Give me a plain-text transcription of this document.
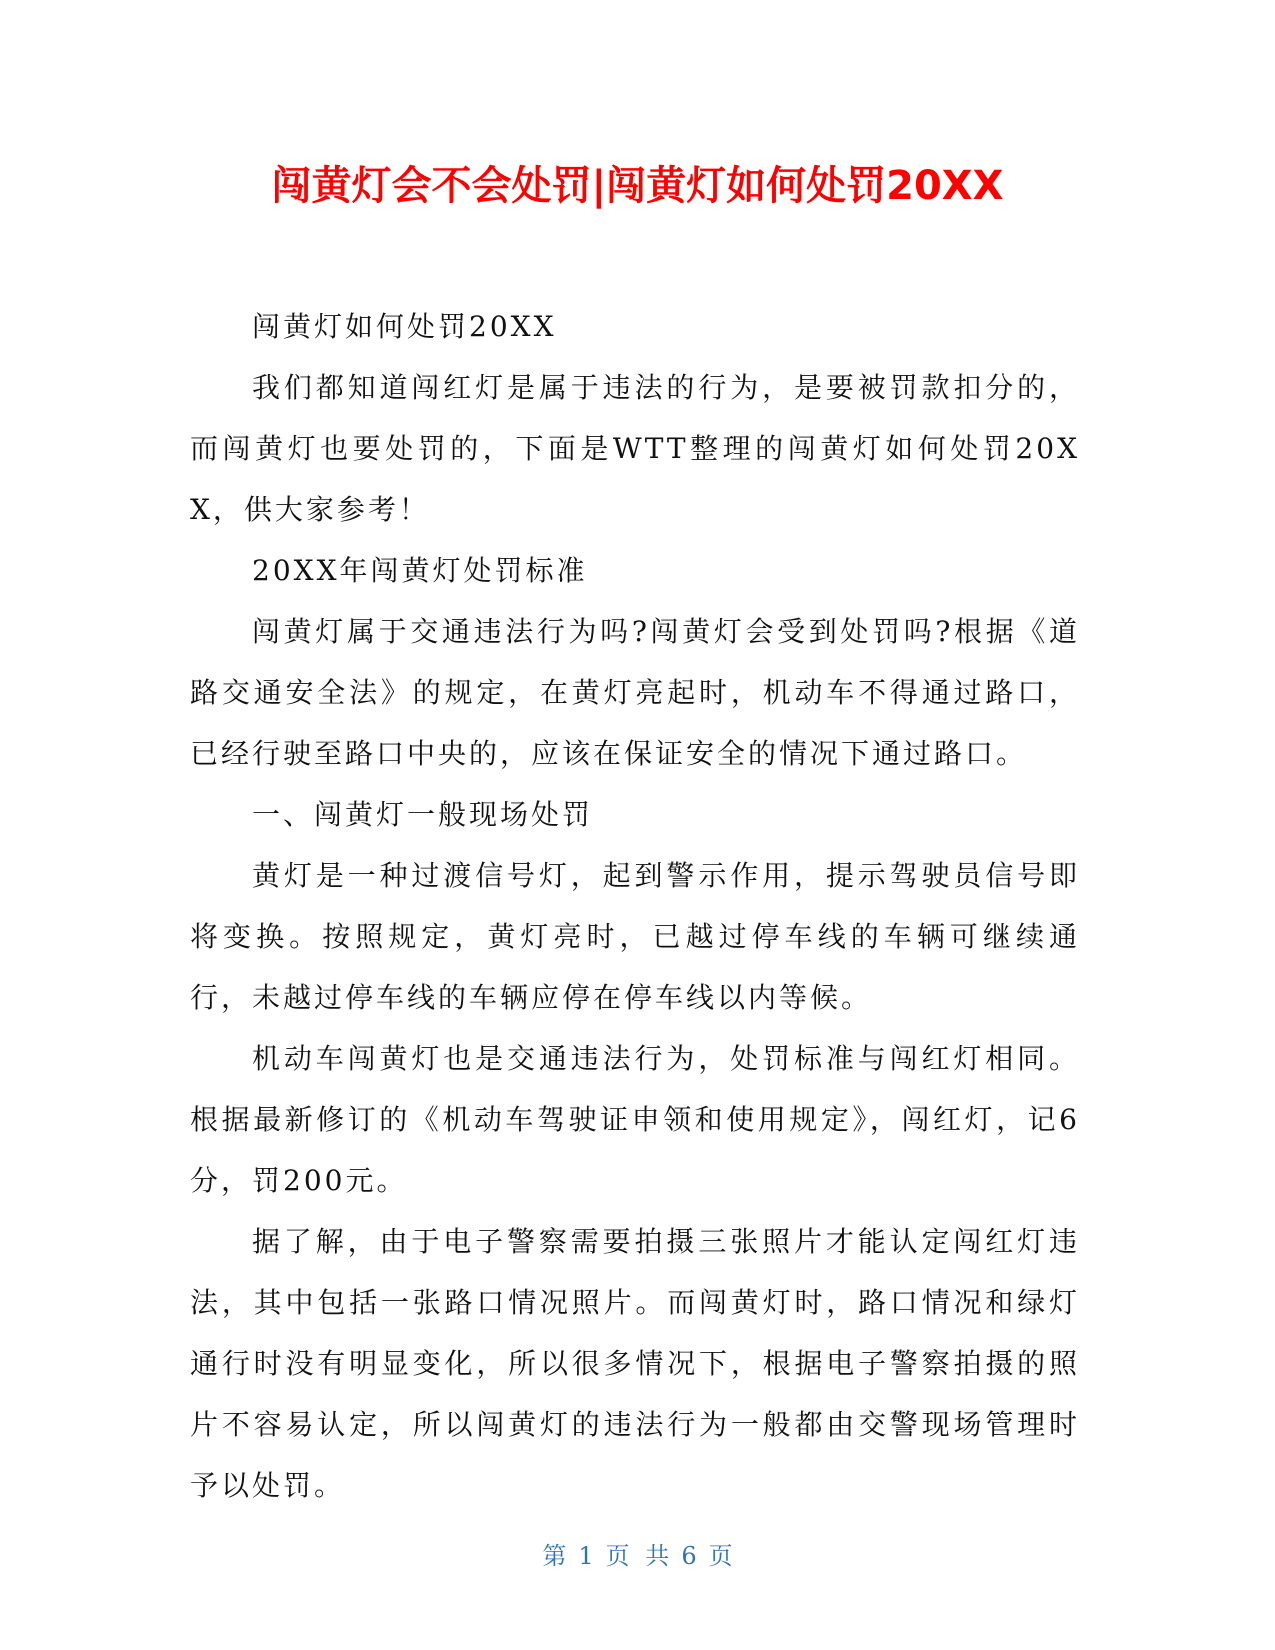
闯黄灯会不会处罚|闯黄灯如何处罚20XX

闯黄灯如何处罚20XX

我们都知道闯红灯是属于违法的行为，是要被罚款扣分的，而闯黄灯也要处罚的，下面是WTT整理的闯黄灯如何处罚20XX，供大家参考！

20XX年闯黄灯处罚标准

闯黄灯属于交通违法行为吗?闯黄灯会受到处罚吗?根据《道路交通安全法》的规定，在黄灯亮起时，机动车不得通过路口，已经行驶至路口中央的，应该在保证安全的情况下通过路口。

一、闯黄灯一般现场处罚

黄灯是一种过渡信号灯，起到警示作用，提示驾驶员信号即将变换。按照规定，黄灯亮时，已越过停车线的车辆可继续通行，未越过停车线的车辆应停在停车线以内等候。

机动车闯黄灯也是交通违法行为，处罚标准与闯红灯相同。根据最新修订的《机动车驾驶证申领和使用规定》，闯红灯，记6分，罚200元。

据了解，由于电子警察需要拍摄三张照片才能认定闯红灯违法，其中包括一张路口情况照片。而闯黄灯时，路口情况和绿灯通行时没有明显变化，所以很多情况下，根据电子警察拍摄的照片不容易认定，所以闯黄灯的违法行为一般都由交警现场管理时予以处罚。

第 1 页 共 6 页
